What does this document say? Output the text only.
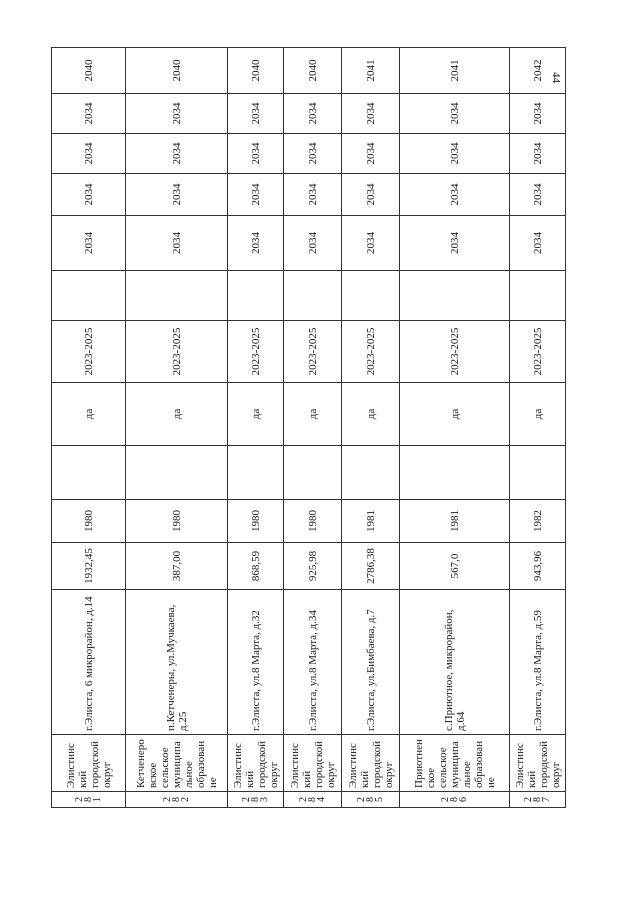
44
2
8
1	Элистинский городской округ	г.Элиста, 6 микрорайон, д.14	1932,45	1980		да	2023-2025		2034	2034	2034	2034	2040

2
8
2	Кетченеровское сельское муниципальное образование	п.Кетченеры, ул.Мучкаева, д.25	387,00	1980		да	2023-2025		2034	2034	2034	2034	2040

2
8
3	Элистинский городской округ	г.Элиста, ул.8 Марта, д.32	868,59	1980		да	2023-2025		2034	2034	2034	2034	2040

2
8
4	Элистинский городской округ	г.Элиста, ул.8 Марта, д.34	925,98	1980		да	2023-2025		2034	2034	2034	2034	2040

2
8
5	Элистинский городской округ	г.Элиста, ул.Бимбаева, д.7	2786,38	1981		да	2023-2025		2034	2034	2034	2034	2041

2
8
6	Приютненское сельское муниципальное образование	с.Приютное, микрорайон, д.64	567,0	1981		да	2023-2025		2034	2034	2034	2034	2041

2
8
7	Элистинский городской округ	г.Элиста, ул.8 Марта, д.59	943,96	1982		да	2023-2025		2034	2034	2034	2034	2042
